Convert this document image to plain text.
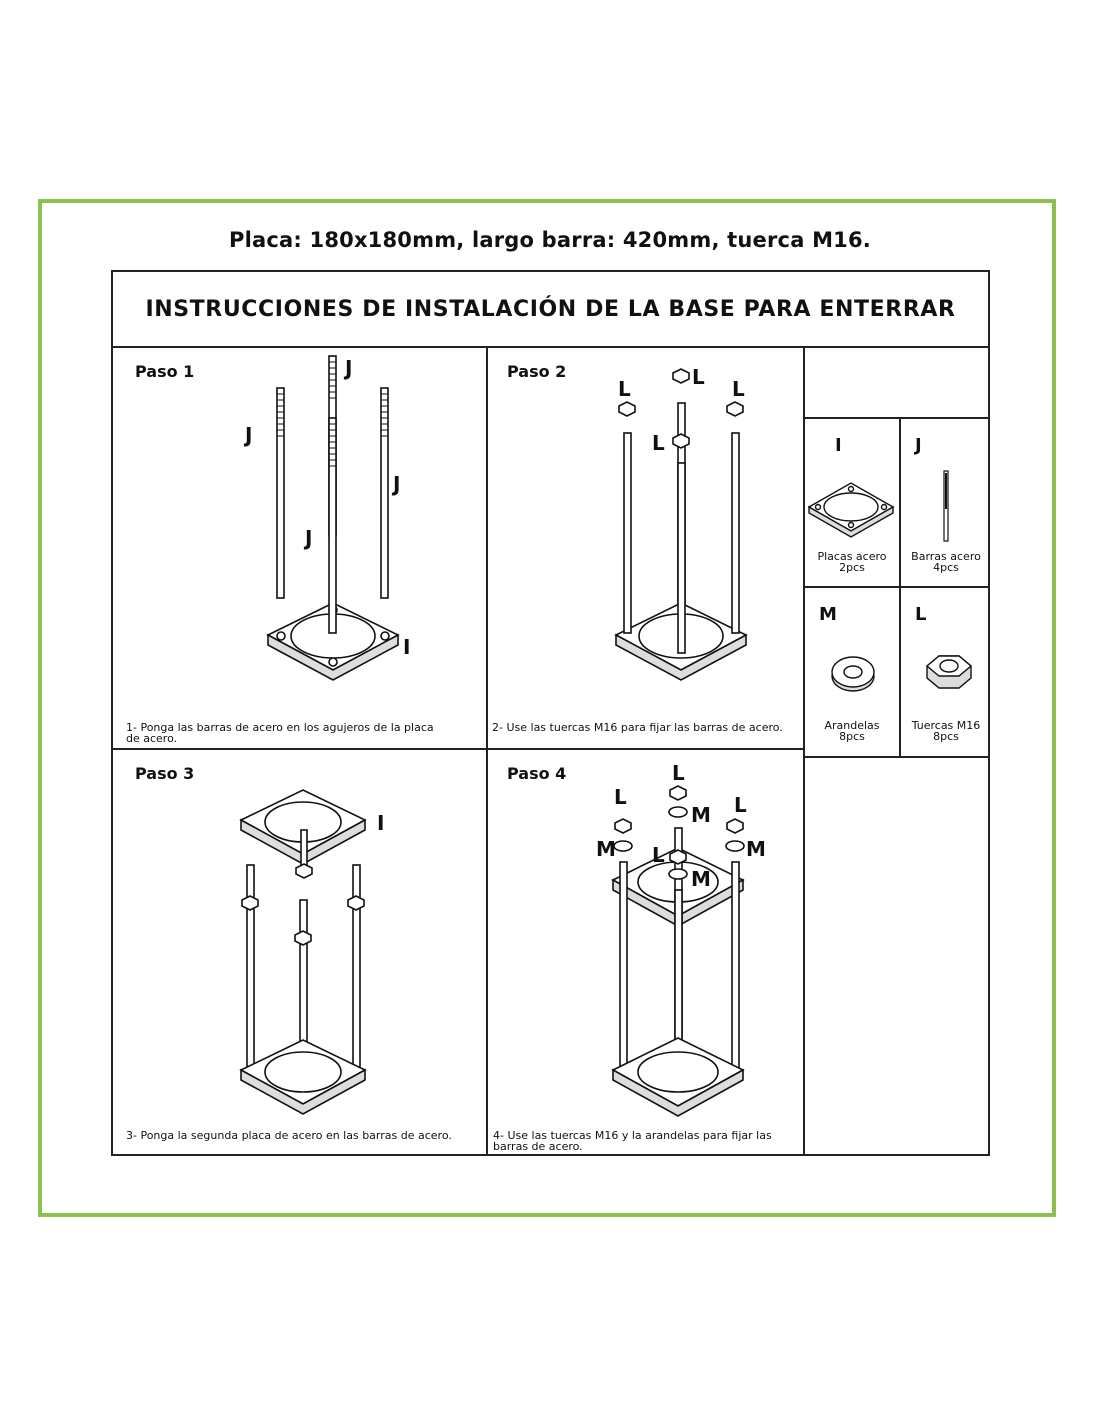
Placa: 180x180mm, largo barra: 420mm, tuerca M16.
INSTRUCCIONES DE INSTALACIÓN DE LA BASE PARA ENTERRAR
Paso 1	J
J
J
J
I
1- Ponga las barras de acero en los agujeros de la placa
de acero.
Paso 2
L	L
L
L
2- Use las tuercas M16 para fijar las barras de acero.
I
Placas acero
2pcs
J
Barras acero
4pcs
M
Arandelas
8pcs
L
Tuercas M16
8pcs
Paso 3
I
3- Ponga la segunda placa de acero en las barras de acero.
Paso 4
L	L
L
L
M	M
M
M
4- Use las tuercas M16 y la arandelas para fijar las
barras de acero.
